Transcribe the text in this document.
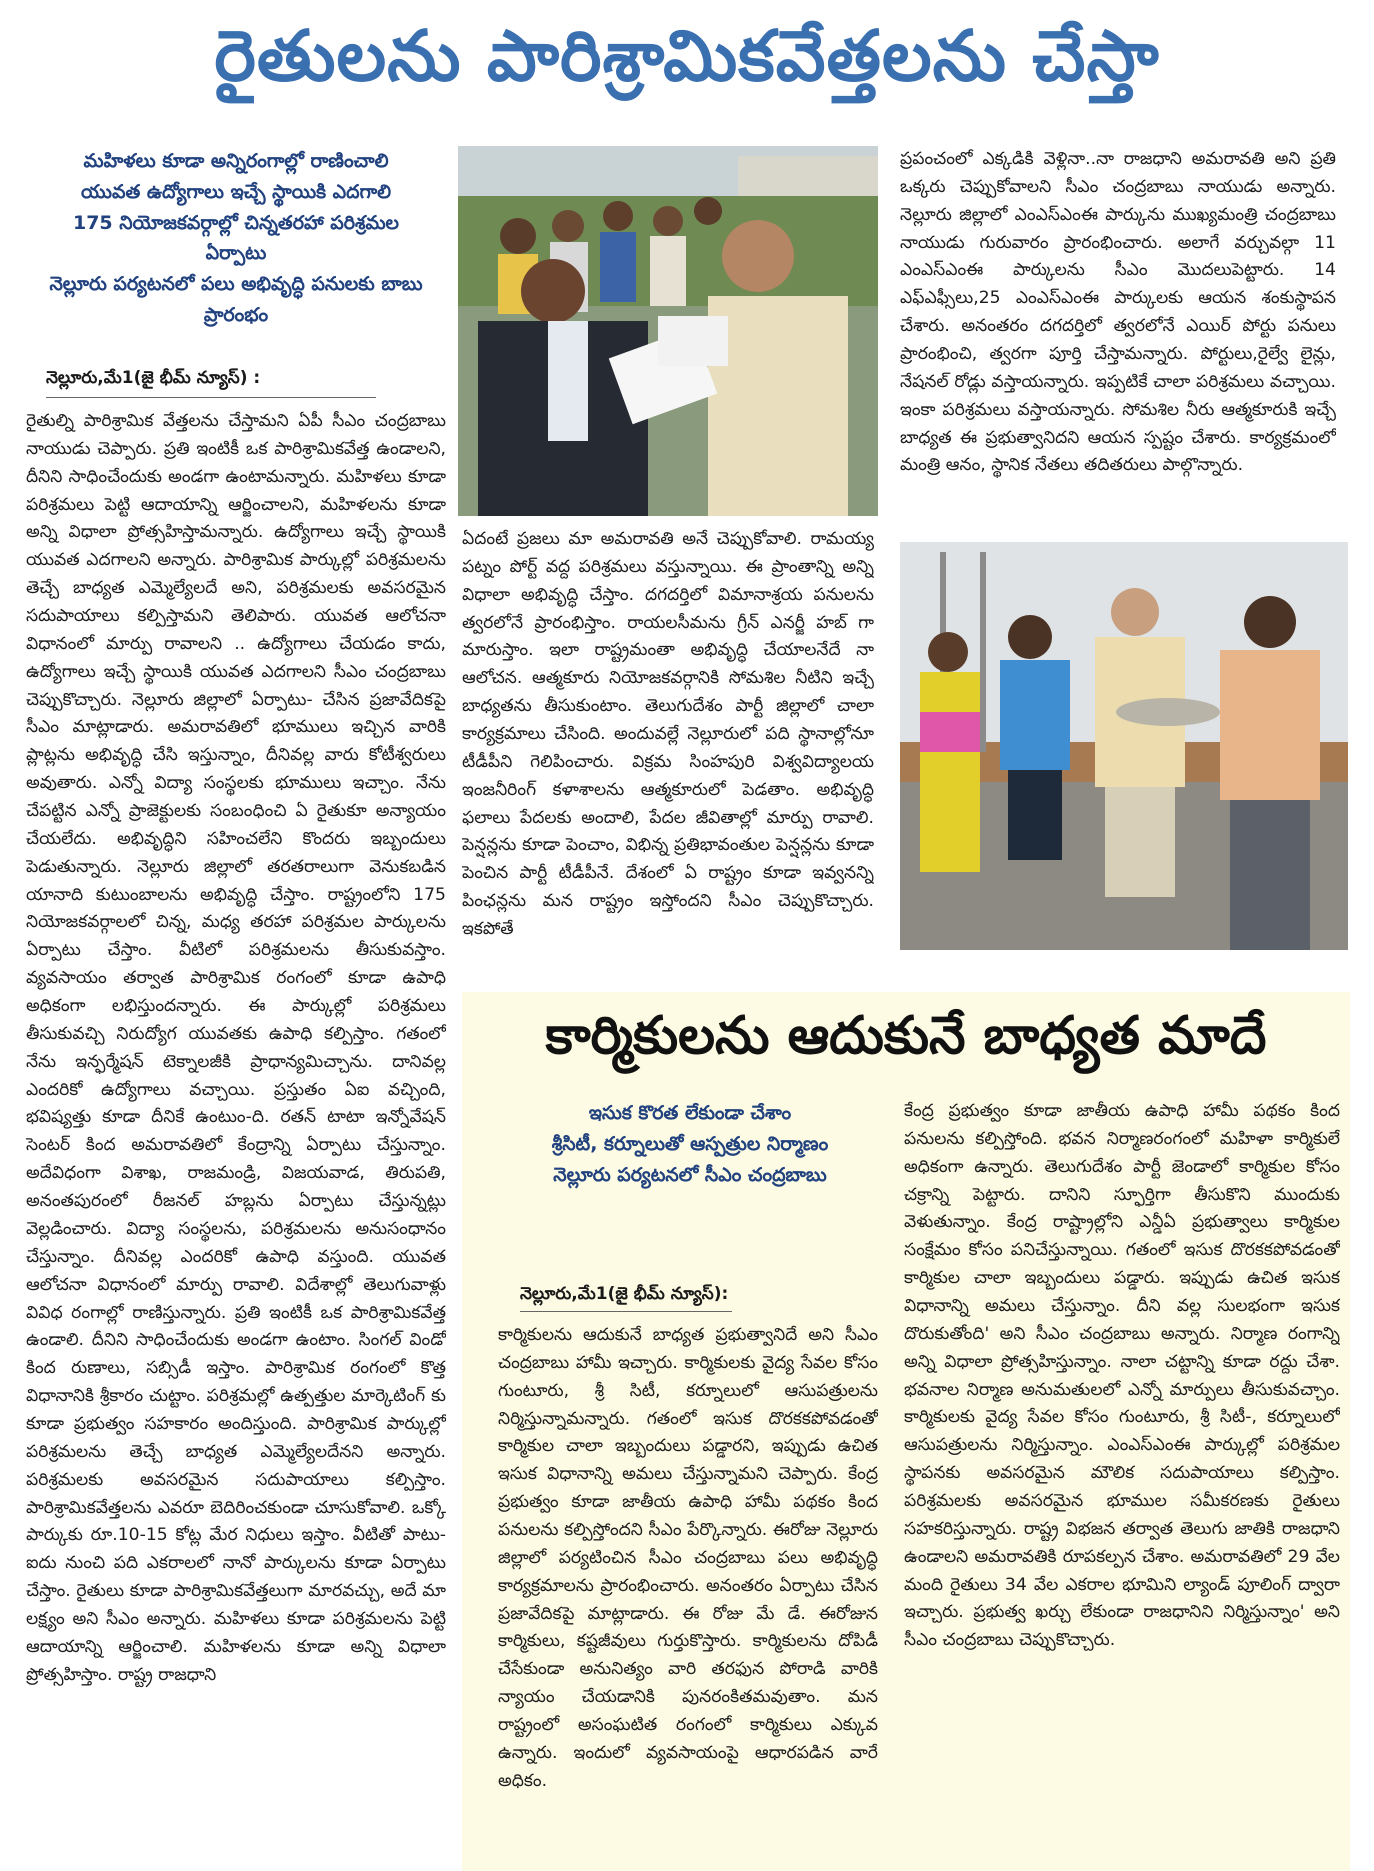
రైతులను పారిశ్రామికవేత్తలను చేస్తా

మహిళలు కూడా అన్నిరంగాల్లో రాణించాలి

యువత ఉద్యోగాలు ఇచ్చే స్థాయికి ఎదగాలి

175 నియోజకవర్గాల్లో చిన్నతరహా పరిశ్రమల ఏర్పాటు

నెల్లూరు పర్యటనలో పలు అభివృద్ధి పనులకు బాబు ప్రారంభం

నెల్లూరు,మే1(జై భీమ్ న్యూస్) :
రైతుల్ని పారిశ్రామిక వేత్తలను చేస్తామని ఏపీ సీఎం చంద్రబాబు నాయుడు చెప్పారు. ప్రతి ఇంటికీ ఒక పారిశ్రామికవేత్త ఉండాలని, దీనిని సాధించేందుకు అండగా ఉంటామన్నారు. మహిళలు కూడా పరిశ్రమలు పెట్టి ఆదాయాన్ని ఆర్జించాలని, మహిళలను కూడా అన్ని విధాలా ప్రోత్సహిస్తామన్నారు. ఉద్యోగాలు ఇచ్చే స్థాయికి యువత ఎదగాలని అన్నారు. పారిశ్రామిక పార్కుల్లో పరిశ్రమలను తెచ్చే బాధ్యత ఎమ్మెల్యేలదే అని, పరిశ్రమలకు అవసరమైన సదుపాయాలు కల్పిస్తామని తెలిపారు. యువత ఆలోచనా విధానంలో మార్పు రావాలని .. ఉద్యోగాలు చేయడం కాదు, ఉద్యోగాలు ఇచ్చే స్థాయికి యువత ఎదగాలని సీఎం చంద్రబాబు చెప్పుకొచ్చారు. నెల్లూరు జిల్లాలో ఏర్పాటు- చేసిన ప్రజావేదికపై సీఎం మాట్లాడారు. అమరావతిలో భూములు ఇచ్చిన వారికి ప్లాట్లను అభివృద్ధి చేసి ఇస్తున్నాం, దీనివల్ల వారు కోటీశ్వరులు అవుతారు. ఎన్నో విద్యా సంస్థలకు భూములు ఇచ్చాం. నేను చేపట్టిన ఎన్నో ప్రాజెక్టులకు సంబంధించి ఏ రైతుకూ అన్యాయం చేయలేదు. అభివృద్ధిని సహించలేని కొందరు ఇబ్బందులు పెడుతున్నారు. నెల్లూరు జిల్లాలో తరతరాలుగా వెనుకబడిన యానాది కుటుంబాలను అభివృద్ధి చేస్తాం. రాష్ట్రంలోని 175 నియోజకవర్గాలలో చిన్న, మధ్య తరహా పరిశ్రమల పార్కులను ఏర్పాటు చేస్తాం. వీటిలో పరిశ్రమలను తీసుకువస్తాం. వ్యవసాయం తర్వాత పారిశ్రామిక రంగంలో కూడా ఉపాధి అధికంగా లభిస్తుందన్నారు. ఈ పార్కుల్లో పరిశ్రమలు తీసుకువచ్చి నిరుద్యోగ యువతకు ఉపాధి కల్పిస్తాం. గతంలో నేను ఇన్ఫర్మేషన్ టెక్నాలజీకి ప్రాధాన్యమిచ్చాను. దానివల్ల ఎందరికో ఉద్యోగాలు వచ్చాయి. ప్రస్తుతం ఏఐ వచ్చింది, భవిష్యత్తు కూడా దీనికే ఉంటుం-ది. రతన్ టాటా ఇన్నోవేషన్ సెంటర్ కింద అమరావతిలో కేంద్రాన్ని ఏర్పాటు చేస్తున్నాం. అదేవిధంగా విశాఖ, రాజమండ్రి, విజయవాడ, తిరుపతి, అనంతపురంలో రీజనల్ హబ్లను ఏర్పాటు చేస్తున్నట్లు వెల్లడించారు. విద్యా సంస్థలను, పరిశ్రమలను అనుసంధానం చేస్తున్నాం. దీనివల్ల ఎందరికో ఉపాధి వస్తుంది. యువత ఆలోచనా విధానంలో మార్పు రావాలి. విదేశాల్లో తెలుగువాళ్లు వివిధ రంగాల్లో రాణిస్తున్నారు. ప్రతి ఇంటికీ ఒక పారిశ్రామికవేత్త ఉండాలి. దీనిని సాధించేందుకు అండగా ఉంటాం. సింగల్ విండో కింద రుణాలు, సబ్సిడీ ఇస్తాం. పారిశ్రామిక రంగంలో కొత్త విధానానికి శ్రీకారం చుట్టాం. పరిశ్రమల్లో ఉత్పత్తుల మార్కెటింగ్ కు కూడా ప్రభుత్వం సహకారం అందిస్తుంది. పారిశ్రామిక పార్కుల్లో పరిశ్రమలను తెచ్చే బాధ్యత ఎమ్మెల్యేలదేనని అన్నారు. పరిశ్రమలకు అవసరమైన సదుపాయాలు కల్పిస్తాం. పారిశ్రామికవేత్తలను ఎవరూ బెదిరించకుండా చూసుకోవాలి. ఒక్కో పార్కుకు రూ.10-15 కోట్ల మేర నిధులు ఇస్తాం. వీటితో పాటు- ఐదు నుంచి పది ఎకరాలలో నానో పార్కులను కూడా ఏర్పాటు చేస్తాం. రైతులు కూడా పారిశ్రామికవేత్తలుగా మారవచ్చు, అదే మా లక్ష్యం అని సీఎం అన్నారు. మహిళలు కూడా పరిశ్రమలను పెట్టి ఆదాయాన్ని ఆర్జించాలి. మహిళలను కూడా అన్ని విధాలా ప్రోత్సహిస్తాం. రాష్ట్ర రాజధాని
ఏదంటే ప్రజలు మా అమరావతి అనే చెప్పుకోవాలి. రామయ్య పట్నం పోర్ట్ వద్ద పరిశ్రమలు వస్తున్నాయి. ఈ ప్రాంతాన్ని అన్ని విధాలా అభివృద్ధి చేస్తాం. దగదర్తిలో విమానాశ్రయ పనులను త్వరలోనే ప్రారంభిస్తాం. రాయలసీమను గ్రీన్ ఎనర్జీ హబ్ గా మారుస్తాం. ఇలా రాష్ట్రమంతా అభివృద్ధి చేయాలనేదే నా ఆలోచన. ఆత్మకూరు నియోజకవర్గానికి సోమశిల నీటిని ఇచ్చే బాధ్యతను తీసుకుంటాం. తెలుగుదేశం పార్టీ జిల్లాలో చాలా కార్యక్రమాలు చేసింది. అందువల్లే నెల్లూరులో పది స్థానాల్లోనూ టీడీపీని గెలిపించారు. విక్రమ సింహపురి విశ్వవిద్యాలయ ఇంజనీరింగ్ కళాశాలను ఆత్మకూరులో పెడతాం. అభివృద్ధి ఫలాలు పేదలకు అందాలి, పేదల జీవితాల్లో మార్పు రావాలి. పెన్షన్లను కూడా పెంచాం, విభిన్న ప్రతిభావంతుల పెన్షన్లను కూడా పెంచిన పార్టీ టీడీపీనే. దేశంలో ఏ రాష్ట్రం కూడా ఇవ్వనన్ని పింఛన్లను మన రాష్ట్రం ఇస్తోందని సీఎం చెప్పుకొచ్చారు. ఇకపోతే
ప్రపంచంలో ఎక్కడికి వెళ్లినా..నా రాజధాని అమరావతి అని ప్రతి ఒక్కరు చెప్పుకోవాలని సీఎం చంద్రబాబు నాయుడు అన్నారు. నెల్లూరు జిల్లాలో ఎంఎస్ఎంఈ పార్కును ముఖ్యమంత్రి చంద్రబాబు నాయుడు గురువారం ప్రారంభించారు. అలాగే వర్చువల్గా 11 ఎంఎస్ఎంఈ పార్కులను సీఎం మొదలుపెట్టారు. 14 ఎఫ్ఎఫ్సీలు,25 ఎంఎస్ఎంఈ పార్కులకు ఆయన శంకుస్థాపన చేశారు. అనంతరం దగదర్తిలో త్వరలోనే ఎయిర్ పోర్టు పనులు ప్రారంభించి, త్వరగా పూర్తి చేస్తామన్నారు. పోర్టులు,రైల్వే లైన్లు, నేషనల్ రోడ్లు వస్తాయన్నారు. ఇప్పటికే చాలా పరిశ్రమలు వచ్చాయి. ఇంకా పరిశ్రమలు వస్తాయన్నారు. సోమశిల నీరు ఆత్మకూరుకి ఇచ్చే బాధ్యత ఈ ప్రభుత్వానిదని ఆయన స్పష్టం చేశారు. కార్యక్రమంలో మంత్రి ఆనం, స్థానిక నేతలు తదితరులు పాల్గొన్నారు.
కార్మికులను ఆదుకునే బాధ్యత మాదే

ఇసుక కొరత లేకుండా చేశాం

శ్రీసిటీ, కర్నూలుతో ఆస్పత్రుల నిర్మాణం

నెల్లూరు పర్యటనలో సీఎం చంద్రబాబు

నెల్లూరు,మే1(జై భీమ్ న్యూస్):
కార్మికులను ఆదుకునే బాధ్యత ప్రభుత్వానిదే అని సీఎం చంద్రబాబు హామీ ఇచ్చారు. కార్మికులకు వైద్య సేవల కోసం గుంటూరు, శ్రీ సిటీ, కర్నూలులో ఆసుపత్రులను నిర్మిస్తున్నామన్నారు. గతంలో ఇసుక దొరకకపోవడంతో కార్మికుల చాలా ఇబ్బందులు పడ్డారని, ఇప్పుడు ఉచిత ఇసుక విధానాన్ని అమలు చేస్తున్నామని చెప్పారు. కేంద్ర ప్రభుత్వం కూడా జాతీయ ఉపాధి హామీ పథకం కింద పనులను కల్పిస్తోందని సీఎం పేర్కొన్నారు. ఈరోజు నెల్లూరు జిల్లాలో పర్యటించిన సీఎం చంద్రబాబు పలు అభివృద్ధి కార్యక్రమాలను ప్రారంభించారు. అనంతరం ఏర్పాటు చేసిన ప్రజావేదికపై మాట్లాడారు. ఈ రోజు మే డే. ఈరోజున కార్మికులు, కష్టజీవులు గుర్తుకొస్తారు. కార్మికులను దోపిడీ చేసేకుండా అనునిత్యం వారి తరఫున పోరాడి వారికి న్యాయం చేయడానికి పునరంకితమవుతాం. మన రాష్ట్రంలో అసంఘటిత రంగంలో కార్మికులు ఎక్కువ ఉన్నారు. ఇందులో వ్యవసాయంపై ఆధారపడిన వారే అధికం.
కేంద్ర ప్రభుత్వం కూడా జాతీయ ఉపాధి హామీ పథకం కింద పనులను కల్పిస్తోంది. భవన నిర్మాణరంగంలో మహిళా కార్మికులే అధికంగా ఉన్నారు. తెలుగుదేశం పార్టీ జెండాలో కార్మికుల కోసం చక్రాన్ని పెట్టారు. దానిని స్ఫూర్తిగా తీసుకొని ముందుకు వెళుతున్నాం. కేంద్ర రాష్ట్రాల్లోని ఎన్డీఏ ప్రభుత్వాలు కార్మికుల సంక్షేమం కోసం పనిచేస్తున్నాయి. గతంలో ఇసుక దొరకకపోవడంతో కార్మికుల చాలా ఇబ్బందులు పడ్డారు. ఇప్పుడు ఉచిత ఇసుక విధానాన్ని అమలు చేస్తున్నాం. దీని వల్ల సులభంగా ఇసుక దొరుకుతోంది' అని సీఎం చంద్రబాబు అన్నారు. నిర్మాణ రంగాన్ని అన్ని విధాలా ప్రోత్సహిస్తున్నాం. నాలా చట్టాన్ని కూడా రద్దు చేశా. భవనాల నిర్మాణ అనుమతులలో ఎన్నో మార్పులు తీసుకువచ్చాం. కార్మికులకు వైద్య సేవల కోసం గుంటూరు, శ్రీ సిటీ-, కర్నూలులో ఆసుపత్రులను నిర్మిస్తున్నాం. ఎంఎస్ఎంఈ పార్కుల్లో పరిశ్రమల స్థాపనకు అవసరమైన మౌలిక సదుపాయాలు కల్పిస్తాం. పరిశ్రమలకు అవసరమైన భూముల సమీకరణకు రైతులు సహకరిస్తున్నారు. రాష్ట్ర విభజన తర్వాత తెలుగు జాతికి రాజధాని ఉండాలని అమరావతికి రూపకల్పన చేశాం. అమరావతిలో 29 వేల మంది రైతులు 34 వేల ఎకరాల భూమిని ల్యాండ్ పూలింగ్ ద్వారా ఇచ్చారు. ప్రభుత్వ ఖర్చు లేకుండా రాజధానిని నిర్మిస్తున్నాం' అని సీఎం చంద్రబాబు చెప్పుకొచ్చారు.
